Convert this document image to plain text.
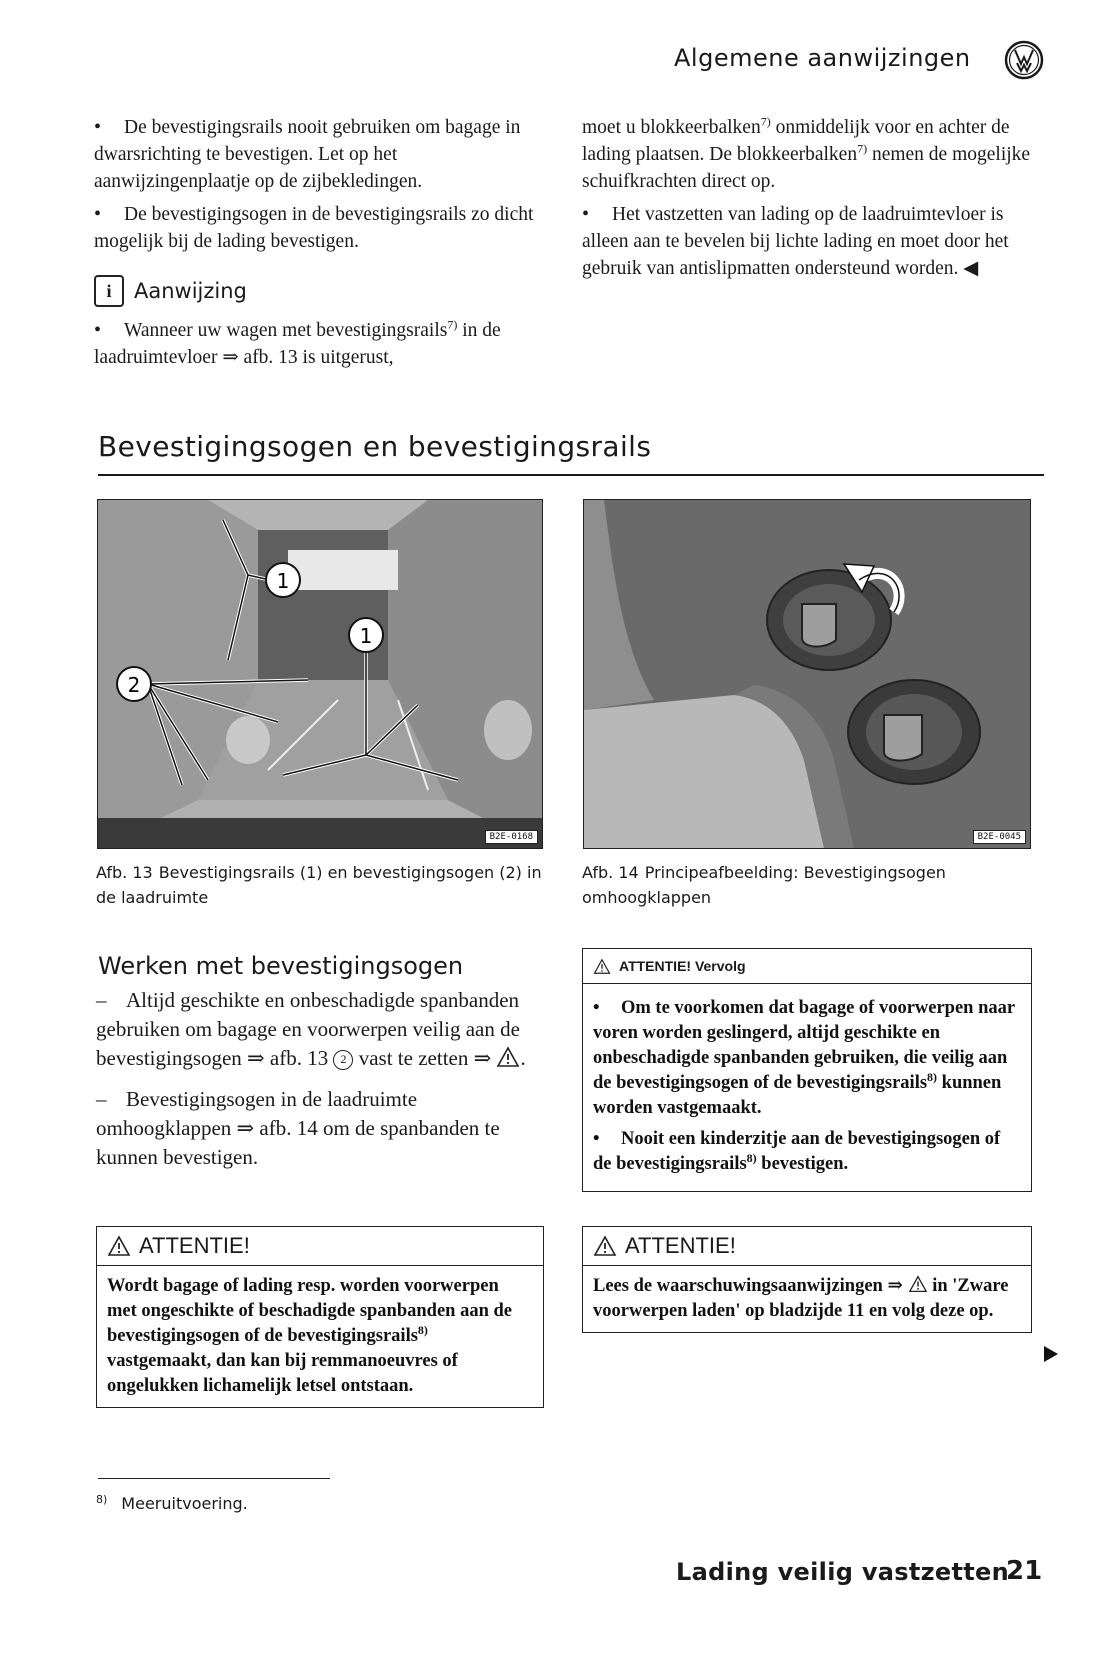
Algemene aanwijzingen

• De bevestigingsrails nooit gebruiken om bagage in dwarsrichting te bevestigen. Let op het aanwijzingenplaatje op de zijbekledingen.

• De bevestigingsogen in de bevestigingsrails zo dicht mogelijk bij de lading bevestigen.

i	Aanwijzing

• Wanneer uw wagen met bevestigingsrails$^{7)}$ in de laadruimtevloer ⇒ afb. 13 is uitgerust,

moet u blokkeerbalken$^{7)}$ onmiddelijk voor en achter de lading plaatsen. De blokkeerbalken$^{7)}$ nemen de mogelijke schuifkrachten direct op.

• Het vastzetten van lading op de laadruimtevloer is alleen aan te bevelen bij lichte lading en moet door het gebruik van antislipmatten ondersteund worden. ◀

Bevestigingsogen en bevestigingsrails
1
1
2
B2E-0168
Afb. 13 Bevestigingsrails (1) en bevestigingsogen (2) in de laadruimte
B2E-0045
Afb. 14 Principeafbeelding: Bevestigingsogen omhoogklappen
Werken met bevestigingsogen
– Altijd geschikte en onbeschadigde spanbanden gebruiken om bagage en voorwerpen veilig aan de bevestigingsogen ⇒ afb. 13 2 vast te zetten ⇒ .
– Bevestigingsogen in de laadruimte omhoogklappen ⇒ afb. 14 om de spanbanden te kunnen bevestigen.
ATTENTIE!
Wordt bagage of lading resp. worden voorwerpen met ongeschikte of beschadigde spanbanden aan de bevestigingsogen of de bevestigingsrails$^{8)}$ vastgemaakt, dan kan bij remmanoeuvres of ongelukken lichamelijk letsel ontstaan.
ATTENTIE! Vervolg
• Om te voorkomen dat bagage of voorwerpen naar voren worden geslingerd, altijd geschikte en onbeschadigde spanbanden gebruiken, die veilig aan de bevestigingsogen of de bevestigingsrails$^{8)}$ kunnen worden vastgemaakt.
• Nooit een kinderzitje aan de bevestigingsogen of de bevestigingsrails$^{8)}$ bevestigen.
ATTENTIE!
Lees de waarschuwingsaanwijzingen ⇒  in 'Zware voorwerpen laden' op bladzijde 11 en volg deze op.
$^{8)}$ Meeruitvoering.
Lading veilig vastzetten
21
